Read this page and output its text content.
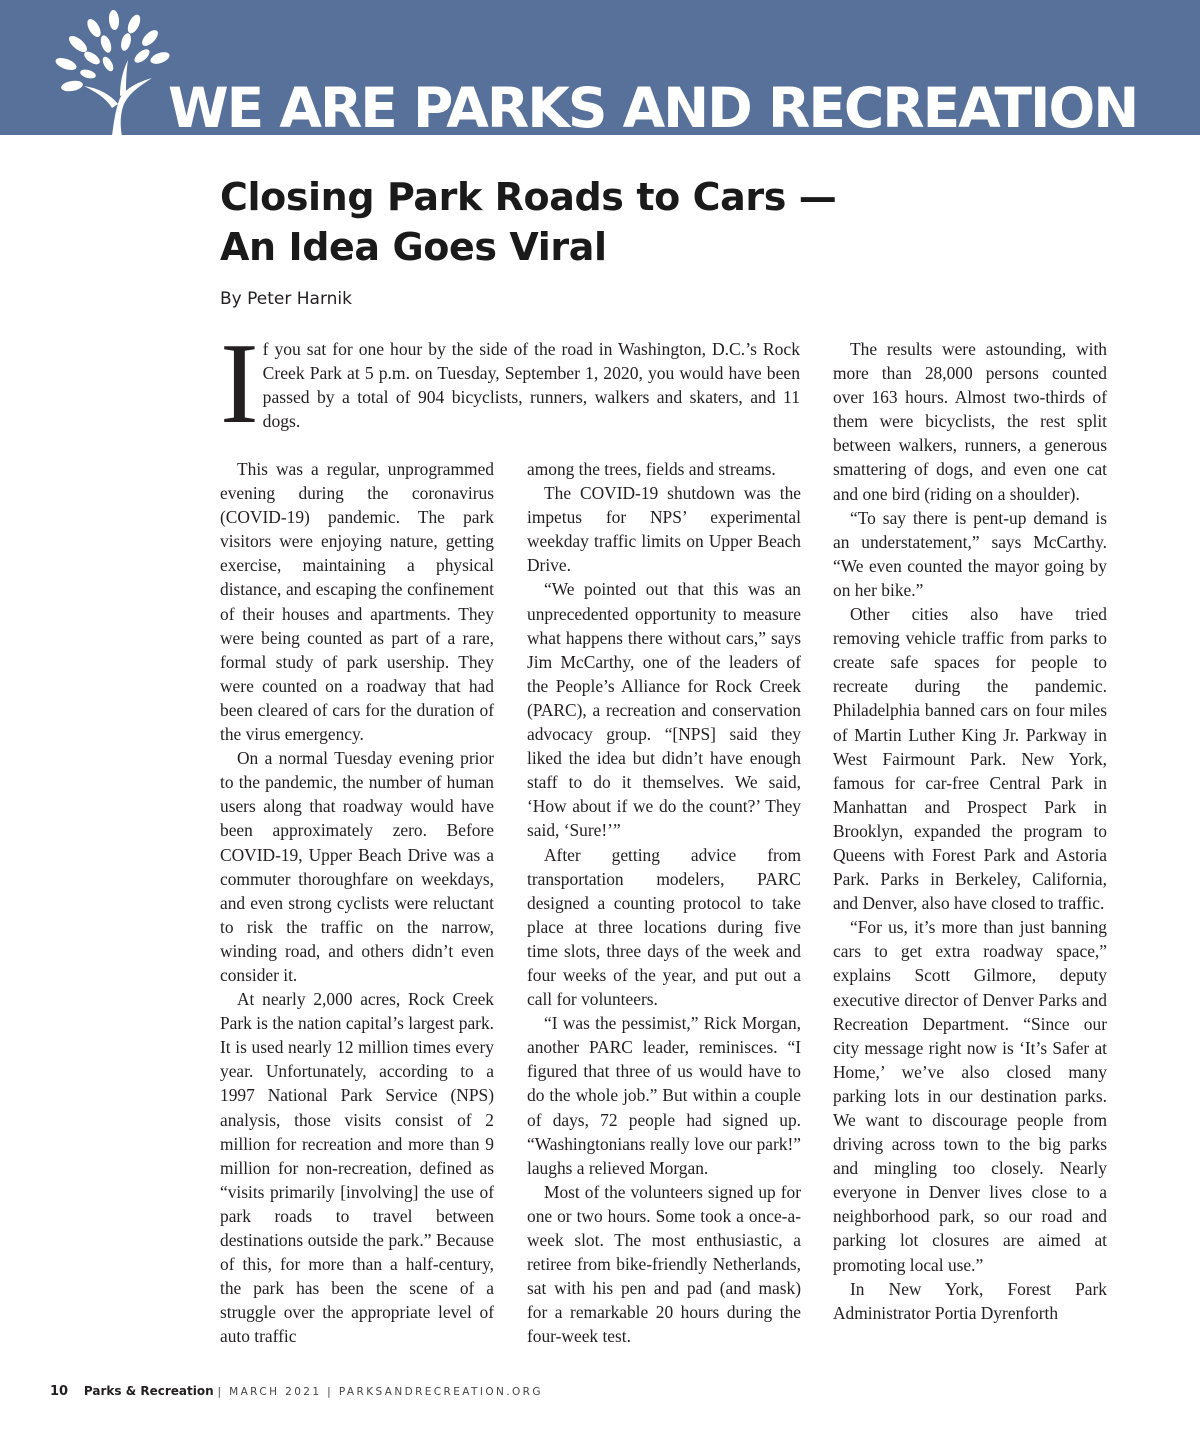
WE ARE PARKS AND RECREATION
Closing Park Roads to Cars —
An Idea Goes Viral
By Peter Harnik
I f you sat for one hour by the side of the road in Washington, D.C.’s Rock Creek Park at 5 p.m. on Tuesday, September 1, 2020, you would have been passed by a total of 904 bicyclists, runners, walkers and skaters, and 11 dogs.

This was a regular, unprogrammed evening during the coronavirus (COVID-19) pandemic. The park visitors were enjoying nature, getting exercise, maintaining a physical distance, and escaping the confinement of their houses and apartments. They were being counted as part of a rare, formal study of park usership. They were counted on a roadway that had been cleared of cars for the duration of the virus emergency.

On a normal Tuesday evening prior to the pandemic, the number of human users along that roadway would have been approximately zero. Before COVID-19, Upper Beach Drive was a commuter thoroughfare on weekdays, and even strong cyclists were reluctant to risk the traffic on the narrow, winding road, and others didn’t even consider it.

At nearly 2,000 acres, Rock Creek Park is the nation capital’s largest park. It is used nearly 12 million times every year. Unfortunately, according to a 1997 National Park Service (NPS) analysis, those visits consist of 2 million for recreation and more than 9 million for non-recreation, defined as “visits primarily [involving] the use of park roads to travel between destinations outside the park.” Because of this, for more than a half-century, the park has been the scene of a struggle over the appropriate level of auto traffic

among the trees, fields and streams.

The COVID-19 shutdown was the impetus for NPS’ experimental weekday traffic limits on Upper Beach Drive.

“We pointed out that this was an unprecedented opportunity to measure what happens there without cars,” says Jim McCarthy, one of the leaders of the People’s Alliance for Rock Creek (PARC), a recreation and conservation advocacy group. “[NPS] said they liked the idea but didn’t have enough staff to do it themselves. We said, ‘How about if we do the count?’ They said, ‘Sure!’”

After getting advice from transportation modelers, PARC designed a counting protocol to take place at three locations during five time slots, three days of the week and four weeks of the year, and put out a call for volunteers.

“I was the pessimist,” Rick Morgan, another PARC leader, reminisces. “I figured that three of us would have to do the whole job.” But within a couple of days, 72 people had signed up. “Washingtonians really love our park!” laughs a relieved Morgan.

Most of the volunteers signed up for one or two hours. Some took a once-a-week slot. The most enthusiastic, a retiree from bike-friendly Netherlands, sat with his pen and pad (and mask) for a remarkable 20 hours during the four-week test.

The results were astounding, with more than 28,000 persons counted over 163 hours. Almost two-thirds of them were bicyclists, the rest split between walkers, runners, a generous smattering of dogs, and even one cat and one bird (riding on a shoulder).

“To say there is pent-up demand is an understatement,” says McCarthy. “We even counted the mayor going by on her bike.”

Other cities also have tried removing vehicle traffic from parks to create safe spaces for people to recreate during the pandemic. Philadelphia banned cars on four miles of Martin Luther King Jr. Parkway in West Fairmount Park. New York, famous for car-free Central Park in Manhattan and Prospect Park in Brooklyn, expanded the program to Queens with Forest Park and Astoria Park. Parks in Berkeley, California, and Denver, also have closed to traffic.

“For us, it’s more than just banning cars to get extra roadway space,” explains Scott Gilmore, deputy executive director of Denver Parks and Recreation Department. “Since our city message right now is ‘It’s Safer at Home,’ we’ve also closed many parking lots in our destination parks. We want to discourage people from driving across town to the big parks and mingling too closely. Nearly everyone in Denver lives close to a neighborhood park, so our road and parking lot closures are aimed at promoting local use.”

In New York, Forest Park Administrator Portia Dyrenforth

10 Parks & Recreation | MARCH 2021 | PARKSANDRECREATION.ORG
